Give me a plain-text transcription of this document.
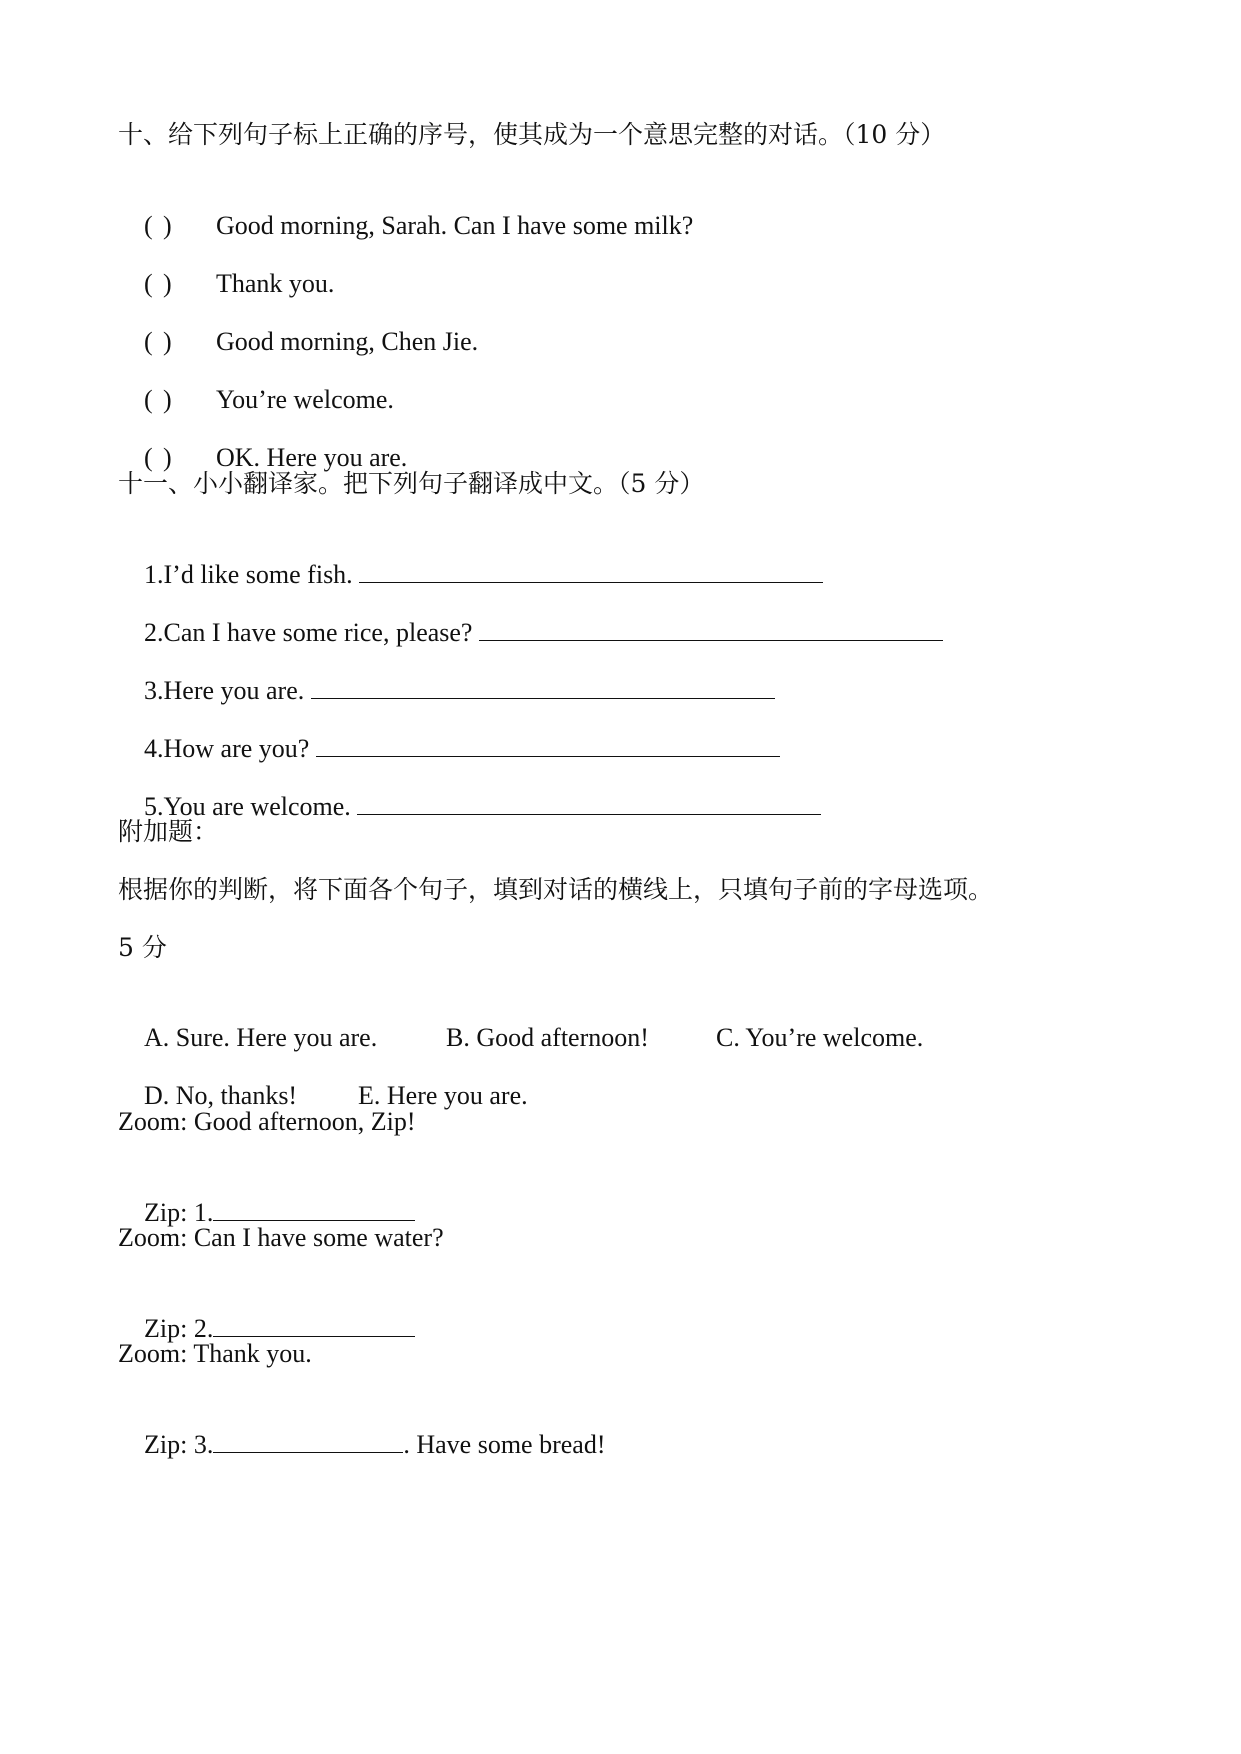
十、给下列句子标上正确的序号，使其成为一个意思完整的对话。（10 分）

( ) Good morning, Sarah. Can I have some milk?

( ) Thank you.

( ) Good morning, Chen Jie.

( ) You’re welcome.

( ) OK. Here you are.

十一、小小翻译家。把下列句子翻译成中文。（5 分）

1.I’d like some fish.

2.Can I have some rice, please?

3.Here you are.

4.How are you?

5.You are welcome.

附加题：
根据你的判断，将下面各个句子，填到对话的横线上，只填句子前的字母选项。
5 分

A. Sure. Here you are.	B. Good afternoon!	C. You’re welcome.

D. No, thanks! E. Here you are.

Zoom: Good afternoon, Zip!

Zip: 1.

Zoom: Can I have some water?

Zip: 2.

Zoom: Thank you.

Zip: 3.	. Have some bread!
